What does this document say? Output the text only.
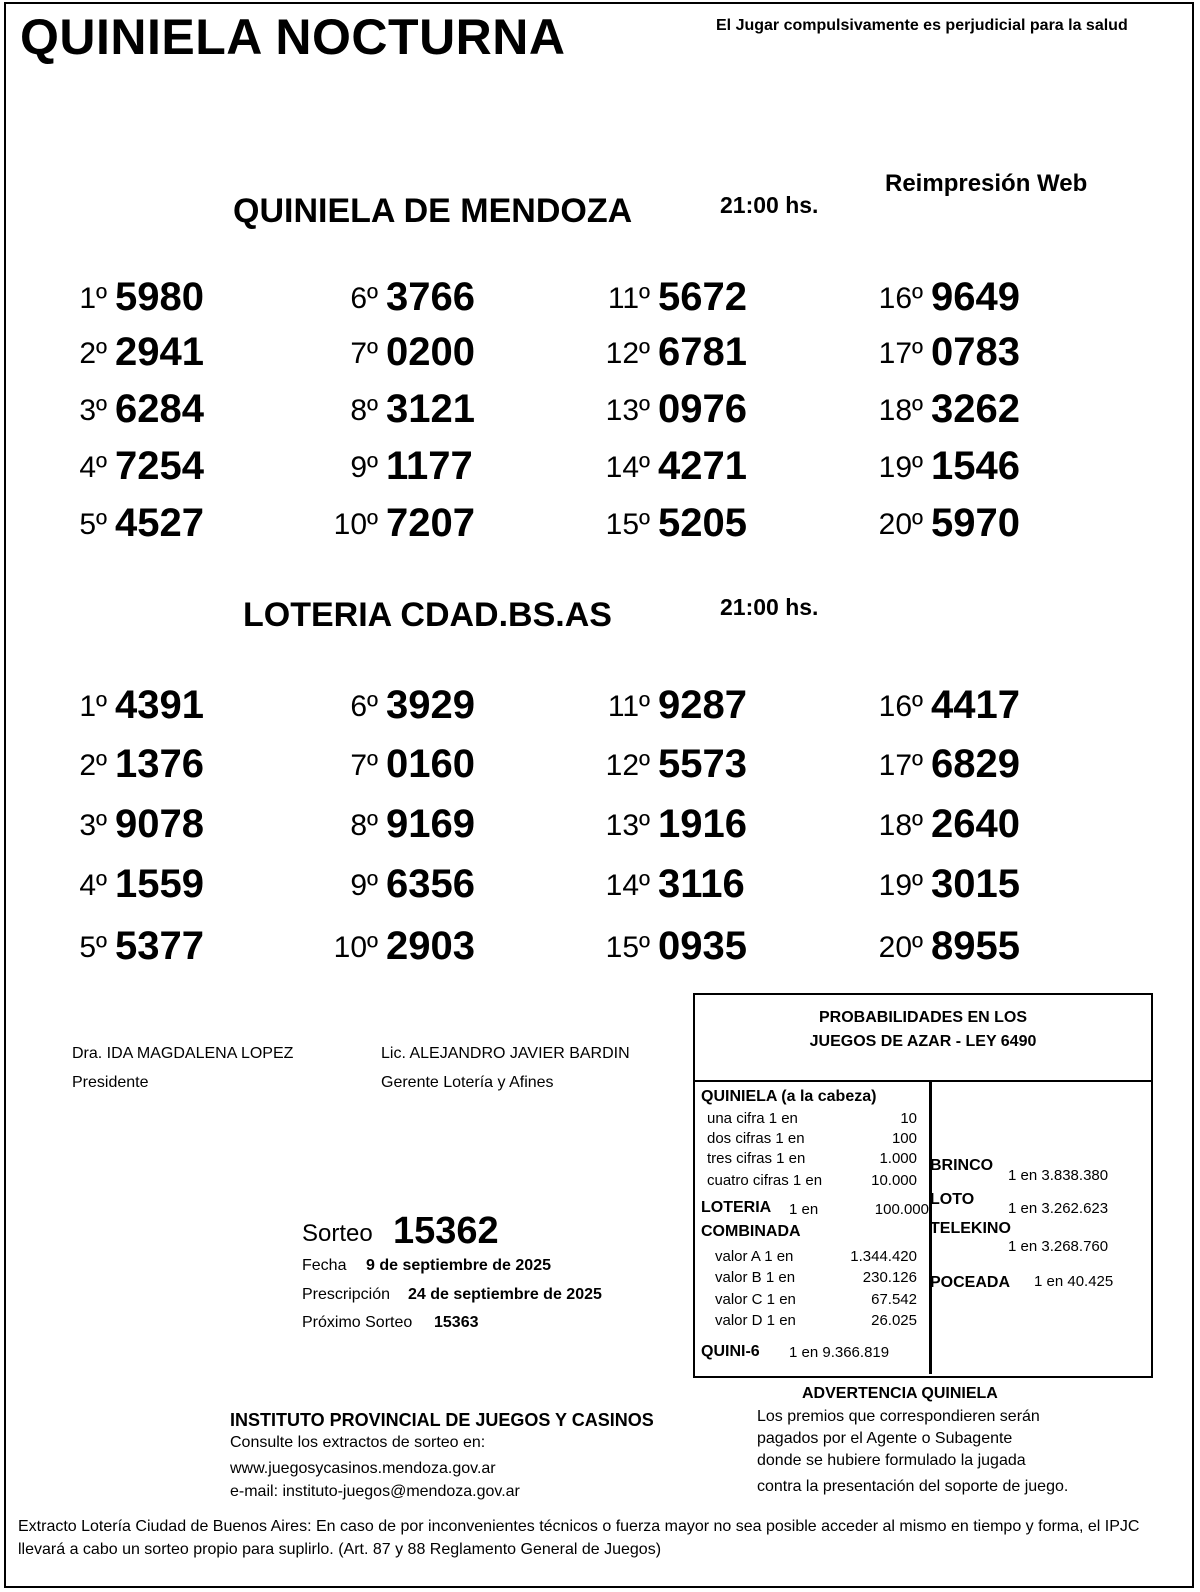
QUINIELA NOCTURNA	El Jugar compulsivamente es perjudicial para la salud
Reimpresión Web
QUINIELA DE MENDOZA	21:00 hs.
1º 5980
2º 2941
3º 6284
4º 7254
5º 4527
6º 3766
7º 0200
8º 3121
9º 1177
10º 7207
11º 5672
12º 6781
13º 0976
14º 4271
15º 5205
16º 9649
17º 0783
18º 3262
19º 1546
20º 5970
LOTERIA CDAD.BS.AS	21:00 hs.
1º 4391
2º 1376
3º 9078
4º 1559
5º 5377
6º 3929
7º 0160
8º 9169
9º 6356
10º 2903
11º 9287
12º 5573
13º 1916
14º 3116
15º 0935
16º 4417
17º 6829
18º 2640
19º 3015
20º 8955
Dra. IDA MAGDALENA LOPEZ
Presidente
Lic. ALEJANDRO JAVIER BARDIN
Gerente Lotería y Afines
Sorteo 15362
Fecha 9 de septiembre de 2025
Prescripción 24 de septiembre de 2025
Próximo Sorteo 15363
PROBABILIDADES EN LOS
JUEGOS DE AZAR - LEY 6490
QUINIELA (a la cabeza)
una cifra 1 en	10
dos cifras 1 en	100
tres cifras 1 en	1.000
cuatro cifras 1 en	10.000
LOTERIA 1 en	100.000
COMBINADA
valor A 1 en	1.344.420
valor B 1 en	230.126
valor C 1 en	67.542
valor D 1 en	26.025
QUINI-6 1 en 9.366.819
BRINCO
1 en 3.838.380
LOTO
1 en 3.262.623
TELEKINO
1 en 3.268.760
POCEADA 1 en 40.425
ADVERTENCIA QUINIELA
Los premios que correspondieren serán
pagados por el Agente o Subagente
donde se hubiere formulado la jugada
contra la presentación del soporte de juego.
INSTITUTO PROVINCIAL DE JUEGOS Y CASINOS
Consulte los extractos de sorteo en:
www.juegosycasinos.mendoza.gov.ar
e-mail: instituto-juegos@mendoza.gov.ar
Extracto Lotería Ciudad de Buenos Aires: En caso de por inconvenientes técnicos o fuerza mayor no sea posible acceder al mismo en tiempo y forma, el IPJC llevará a cabo un sorteo propio para suplirlo. (Art. 87 y 88 Reglamento General de Juegos)
